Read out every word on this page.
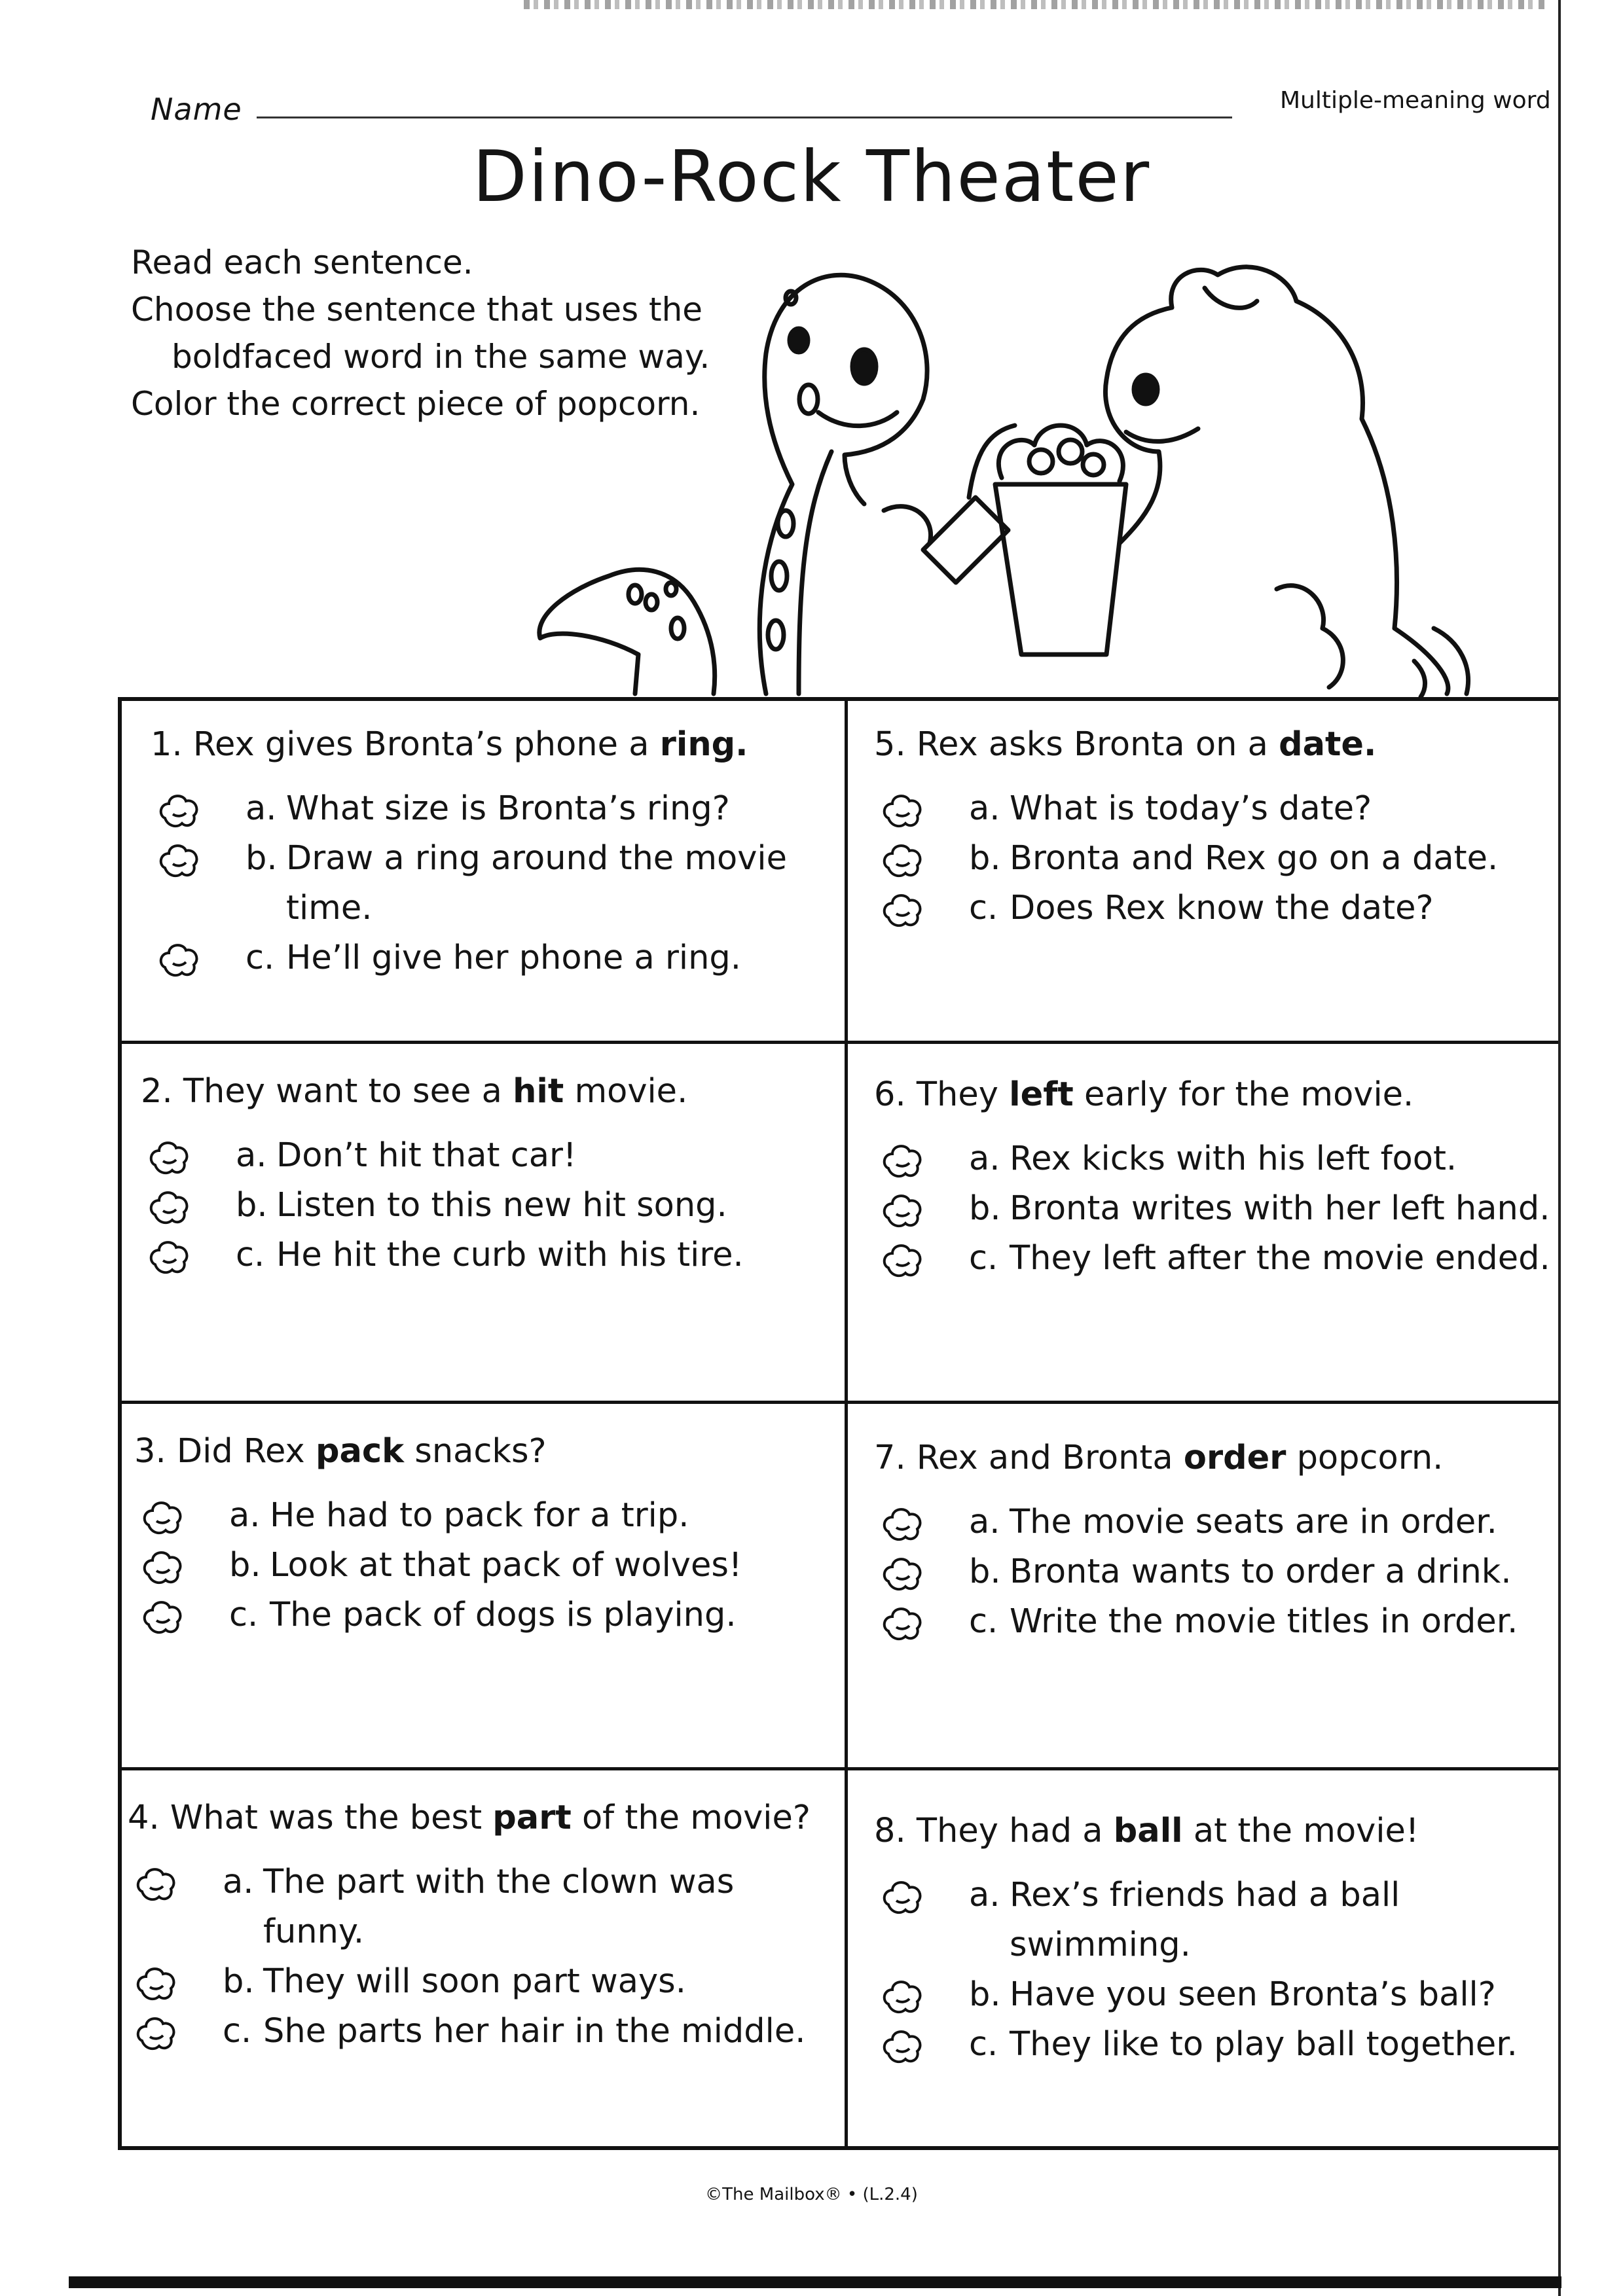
Name	Multiple-meaning word
Dino-Rock Theater
Read each sentence.
Choose the sentence that uses the
boldfaced word in the same way.
Color the correct piece of popcorn.
1. Rex gives Bronta’s phone a ring.
a. What size is Bronta’s ring?
b. Draw a ring around the movie
time.
c. He’ll give her phone a ring.
2. They want to see a hit movie.
a. Don’t hit that car!
b. Listen to this new hit song.
c. He hit the curb with his tire.
3. Did Rex pack snacks?
a. He had to pack for a trip.
b. Look at that pack of wolves!
c. The pack of dogs is playing.
4. What was the best part of the movie?
a. The part with the clown was
funny.
b. They will soon part ways.
c. She parts her hair in the middle.
5. Rex asks Bronta on a date.
a. What is today’s date?
b. Bronta and Rex go on a date.
c. Does Rex know the date?
6. They left early for the movie.
a. Rex kicks with his left foot.
b. Bronta writes with her left hand.
c. They left after the movie ended.
7. Rex and Bronta order popcorn.
a. The movie seats are in order.
b. Bronta wants to order a drink.
c. Write the movie titles in order.
8. They had a ball at the movie!
a. Rex’s friends had a ball
swimming.
b. Have you seen Bronta’s ball?
c. They like to play ball together.
©The Mailbox® • (L.2.4)
